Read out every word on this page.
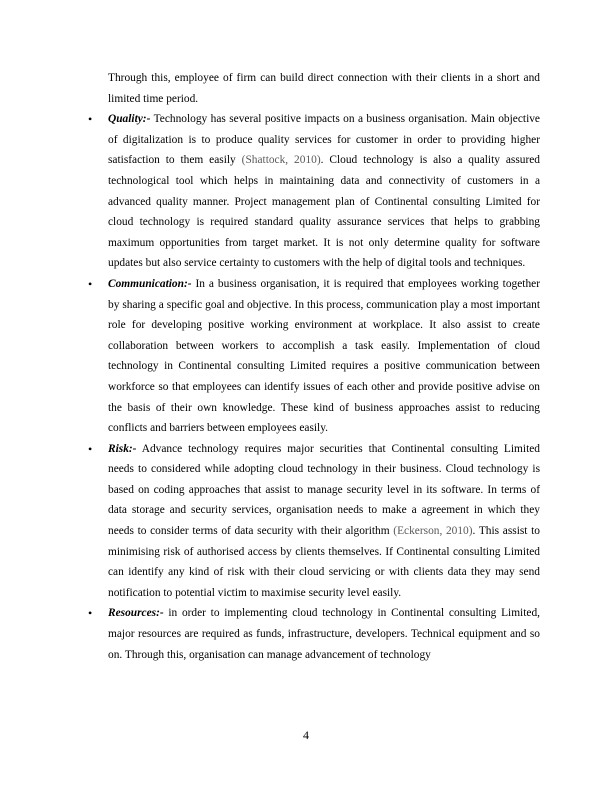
Through this, employee of firm can build direct connection with their clients in a short and limited time period.

• Quality:- Technology has several positive impacts on a business organisation. Main objective of digitalization is to produce quality services for customer in order to providing higher satisfaction to them easily (Shattock, 2010). Cloud technology is also a quality assured technological tool which helps in maintaining data and connectivity of customers in a advanced quality manner. Project management plan of Continental consulting Limited for cloud technology is required standard quality assurance services that helps to grabbing maximum opportunities from target market. It is not only determine quality for software updates but also service certainty to customers with the help of digital tools and techniques.

• Communication:- In a business organisation, it is required that employees working together by sharing a specific goal and objective. In this process, communication play a most important role for developing positive working environment at workplace. It also assist to create collaboration between workers to accomplish a task easily. Implementation of cloud technology in Continental consulting Limited requires a positive communication between workforce so that employees can identify issues of each other and provide positive advise on the basis of their own knowledge. These kind of business approaches assist to reducing conflicts and barriers between employees easily.

• Risk:- Advance technology requires major securities that Continental consulting Limited needs to considered while adopting cloud technology in their business. Cloud technology is based on coding approaches that assist to manage security level in its software. In terms of data storage and security services, organisation needs to make a agreement in which they needs to consider terms of data security with their algorithm (Eckerson, 2010). This assist to minimising risk of authorised access by clients themselves. If Continental consulting Limited can identify any kind of risk with their cloud servicing or with clients data they may send notification to potential victim to maximise security level easily.

• Resources:- in order to implementing cloud technology in Continental consulting Limited, major resources are required as funds, infrastructure, developers. Technical equipment and so on. Through this, organisation can manage advancement of technology

4
